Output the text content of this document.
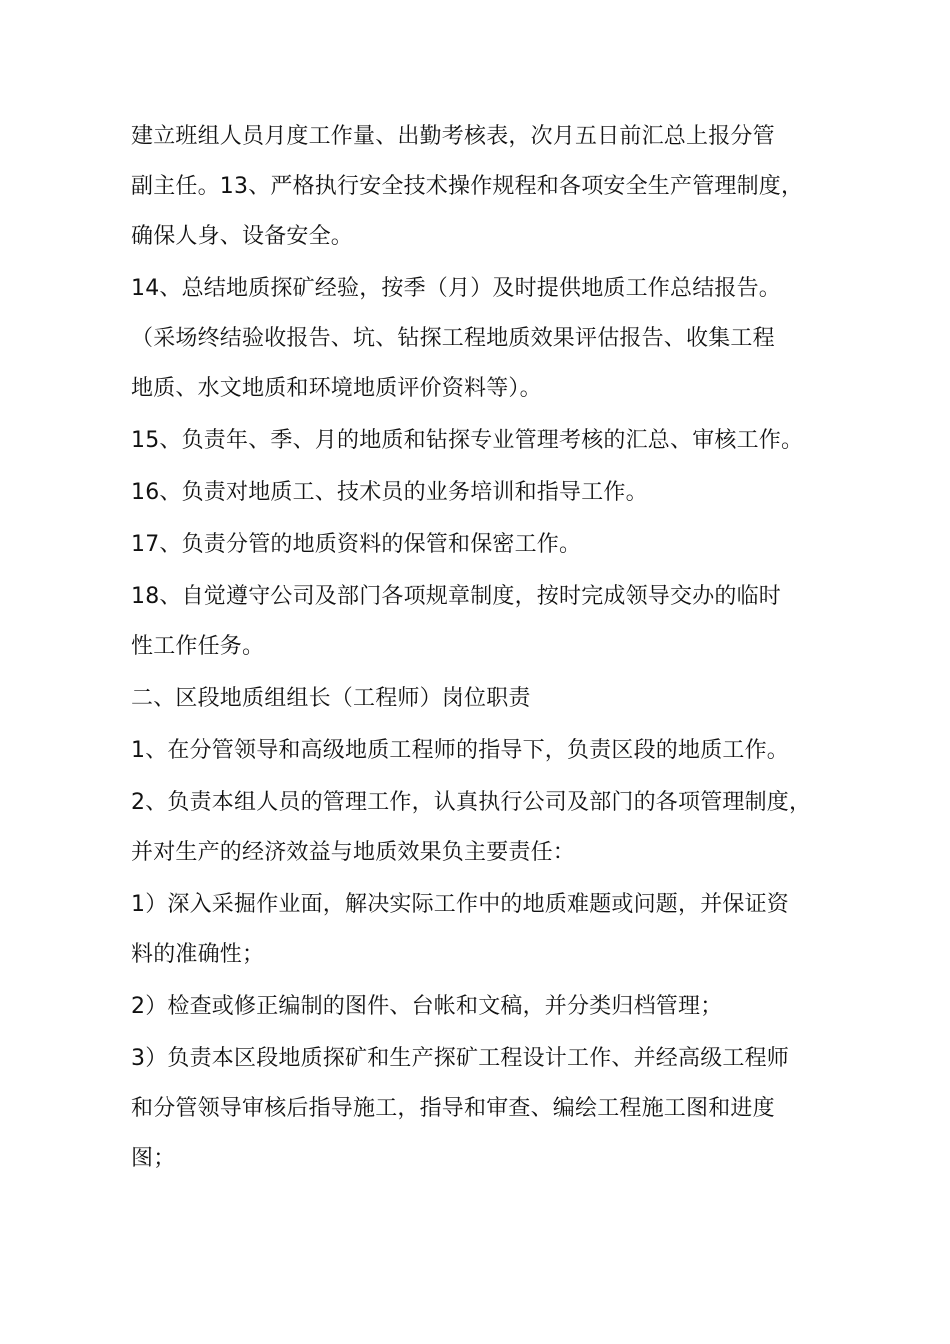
建立班组人员月度工作量、出勤考核表，次月五日前汇总上报分管
副主任。13、严格执行安全技术操作规程和各项安全生产管理制度，
确保人身、设备安全。

14、总结地质探矿经验，按季（月）及时提供地质工作总结报告。
（采场终结验收报告、坑、钻探工程地质效果评估报告、收集工程
地质、水文地质和环境地质评价资料等）。

15、负责年、季、月的地质和钻探专业管理考核的汇总、审核工作。

16、负责对地质工、技术员的业务培训和指导工作。

17、负责分管的地质资料的保管和保密工作。

18、自觉遵守公司及部门各项规章制度，按时完成领导交办的临时
性工作任务。

二、区段地质组组长（工程师）岗位职责

1、在分管领导和高级地质工程师的指导下，负责区段的地质工作。

2、负责本组人员的管理工作，认真执行公司及部门的各项管理制度，
并对生产的经济效益与地质效果负主要责任：

1）深入采掘作业面，解决实际工作中的地质难题或问题，并保证资
料的准确性；

2）检查或修正编制的图件、台帐和文稿，并分类归档管理；

3）负责本区段地质探矿和生产探矿工程设计工作、并经高级工程师
和分管领导审核后指导施工，指导和审查、编绘工程施工图和进度
图；
